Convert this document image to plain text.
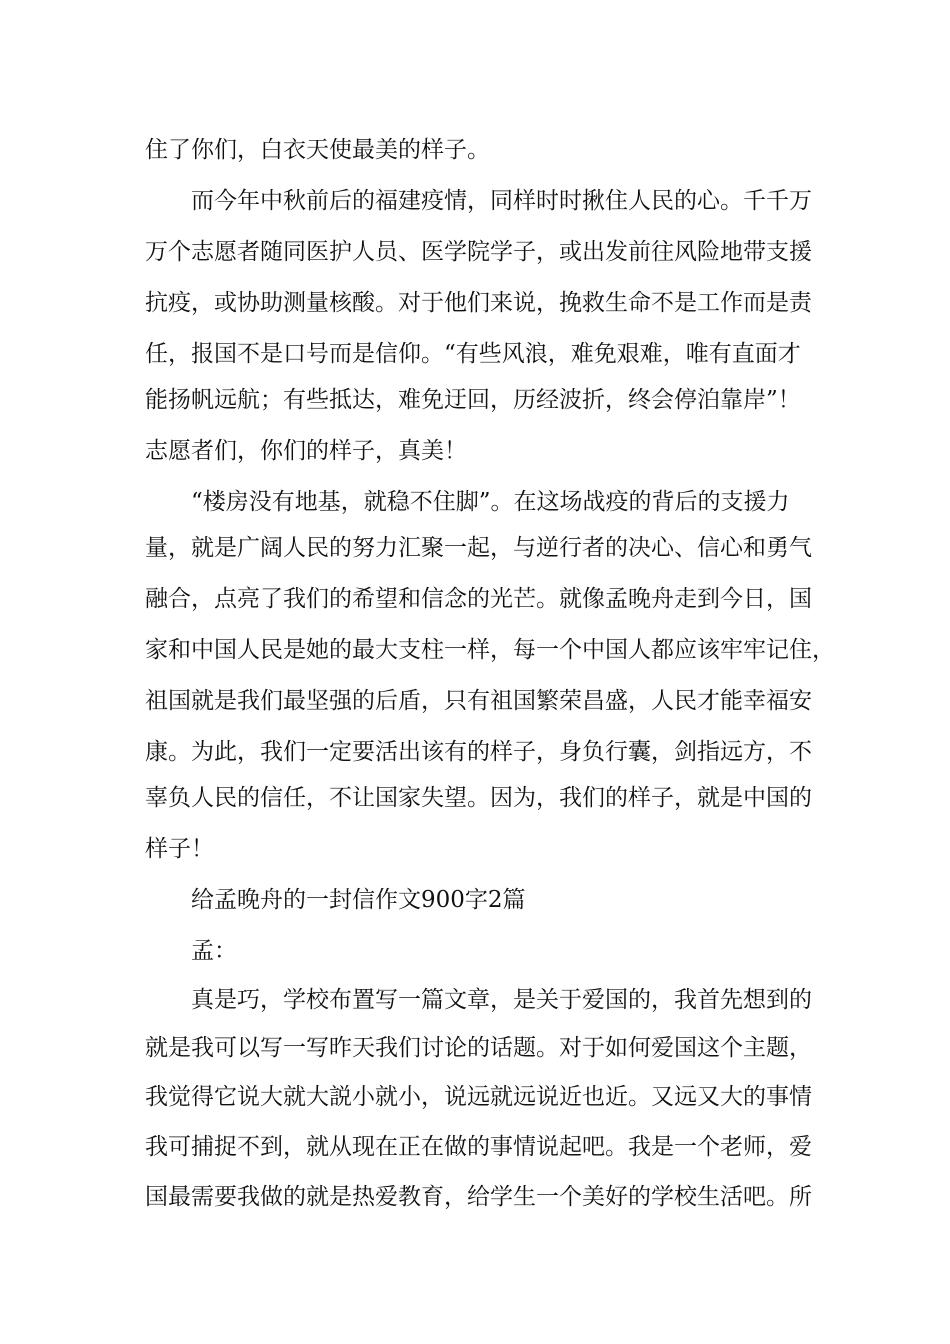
住了你们，白衣天使最美的样子。
而今年中秋前后的福建疫情，同样时时揪住人民的心。千千万
万个志愿者随同医护人员、医学院学子，或出发前往风险地带支援
抗疫，或协助测量核酸。对于他们来说，挽救生命不是工作而是责
任，报国不是口号而是信仰。“有些风浪，难免艰难，唯有直面才
能扬帆远航；有些抵达，难免迂回，历经波折，终会停泊靠岸”！
志愿者们，你们的样子，真美！
“楼房没有地基，就稳不住脚”。在这场战疫的背后的支援力
量，就是广阔人民的努力汇聚一起，与逆行者的决心、信心和勇气
融合，点亮了我们的希望和信念的光芒。就像孟晚舟走到今日，国
家和中国人民是她的最大支柱一样，每一个中国人都应该牢牢记住，
祖国就是我们最坚强的后盾，只有祖国繁荣昌盛，人民才能幸福安
康。为此，我们一定要活出该有的样子，身负行囊，剑指远方，不
辜负人民的信任，不让国家失望。因为，我们的样子，就是中国的
样子！
给孟晚舟的一封信作文900字2篇
孟：
真是巧，学校布置写一篇文章，是关于爱国的，我首先想到的
就是我可以写一写昨天我们讨论的话题。对于如何爱国这个主题，
我觉得它说大就大説小就小，说远就远说近也近。又远又大的事情
我可捕捉不到，就从现在正在做的事情说起吧。我是一个老师，爱
国最需要我做的就是热爱教育，给学生一个美好的学校生活吧。所
